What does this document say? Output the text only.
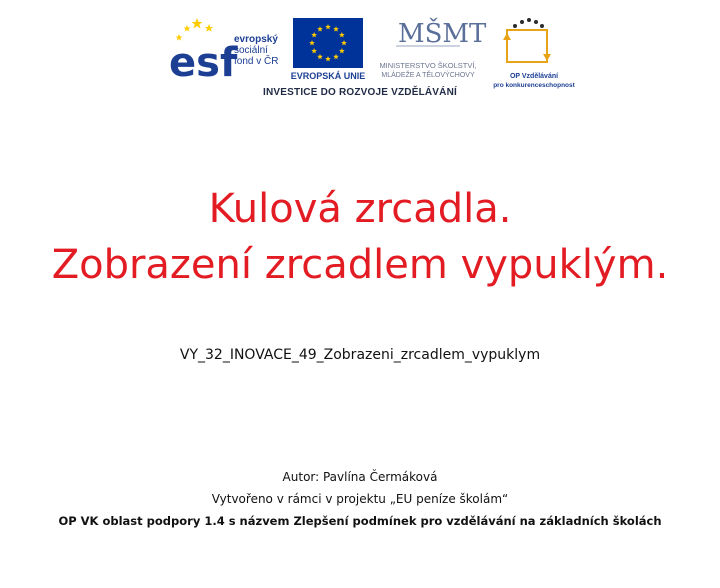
esf
evropský
sociální
fond v ČR
EVROPSKÁ UNIE
MŠMT
MINISTERSTVO ŠKOLSTVÍ,
MLÁDEŽE A TĚLOVÝCHOVY	OP Vzdělávání
pro konkurenceschopnost
INVESTICE DO ROZVOJE VZDĚLÁVÁNÍ
Kulová zrcadla.
Zobrazení zrcadlem vypuklým.
VY_32_INOVACE_49_Zobrazeni_zrcadlem_vypuklym
Autor: Pavlína Čermáková
Vytvořeno v rámci v projektu „EU peníze školám“
OP VK oblast podpory 1.4 s názvem Zlepšení podmínek pro vzdělávání na základních školách
